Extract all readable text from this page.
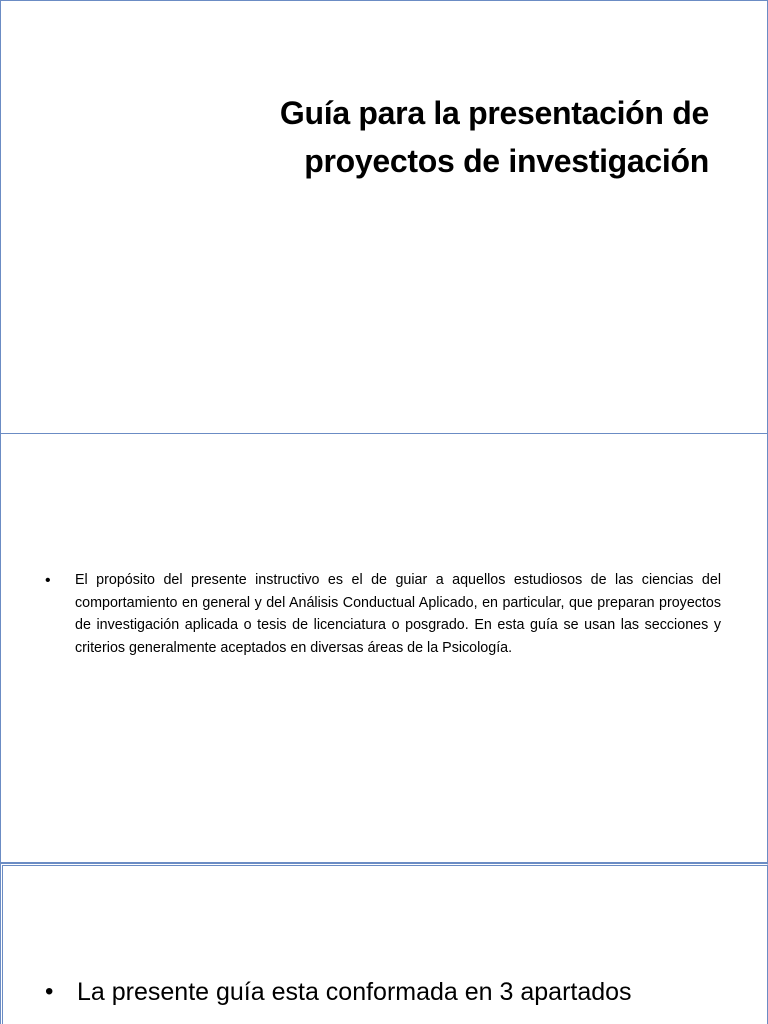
Guía para la presentación de proyectos de investigación
•	El propósito del presente instructivo es el de guiar a aquellos estudiosos de las ciencias del comportamiento en general y del Análisis Conductual Aplicado, en particular, que preparan proyectos de investigación aplicada o tesis de licenciatura o posgrado. En esta guía se usan las secciones y criterios generalmente aceptados en diversas áreas de la Psicología.

• La presente guía esta conformada en 3 apartados
